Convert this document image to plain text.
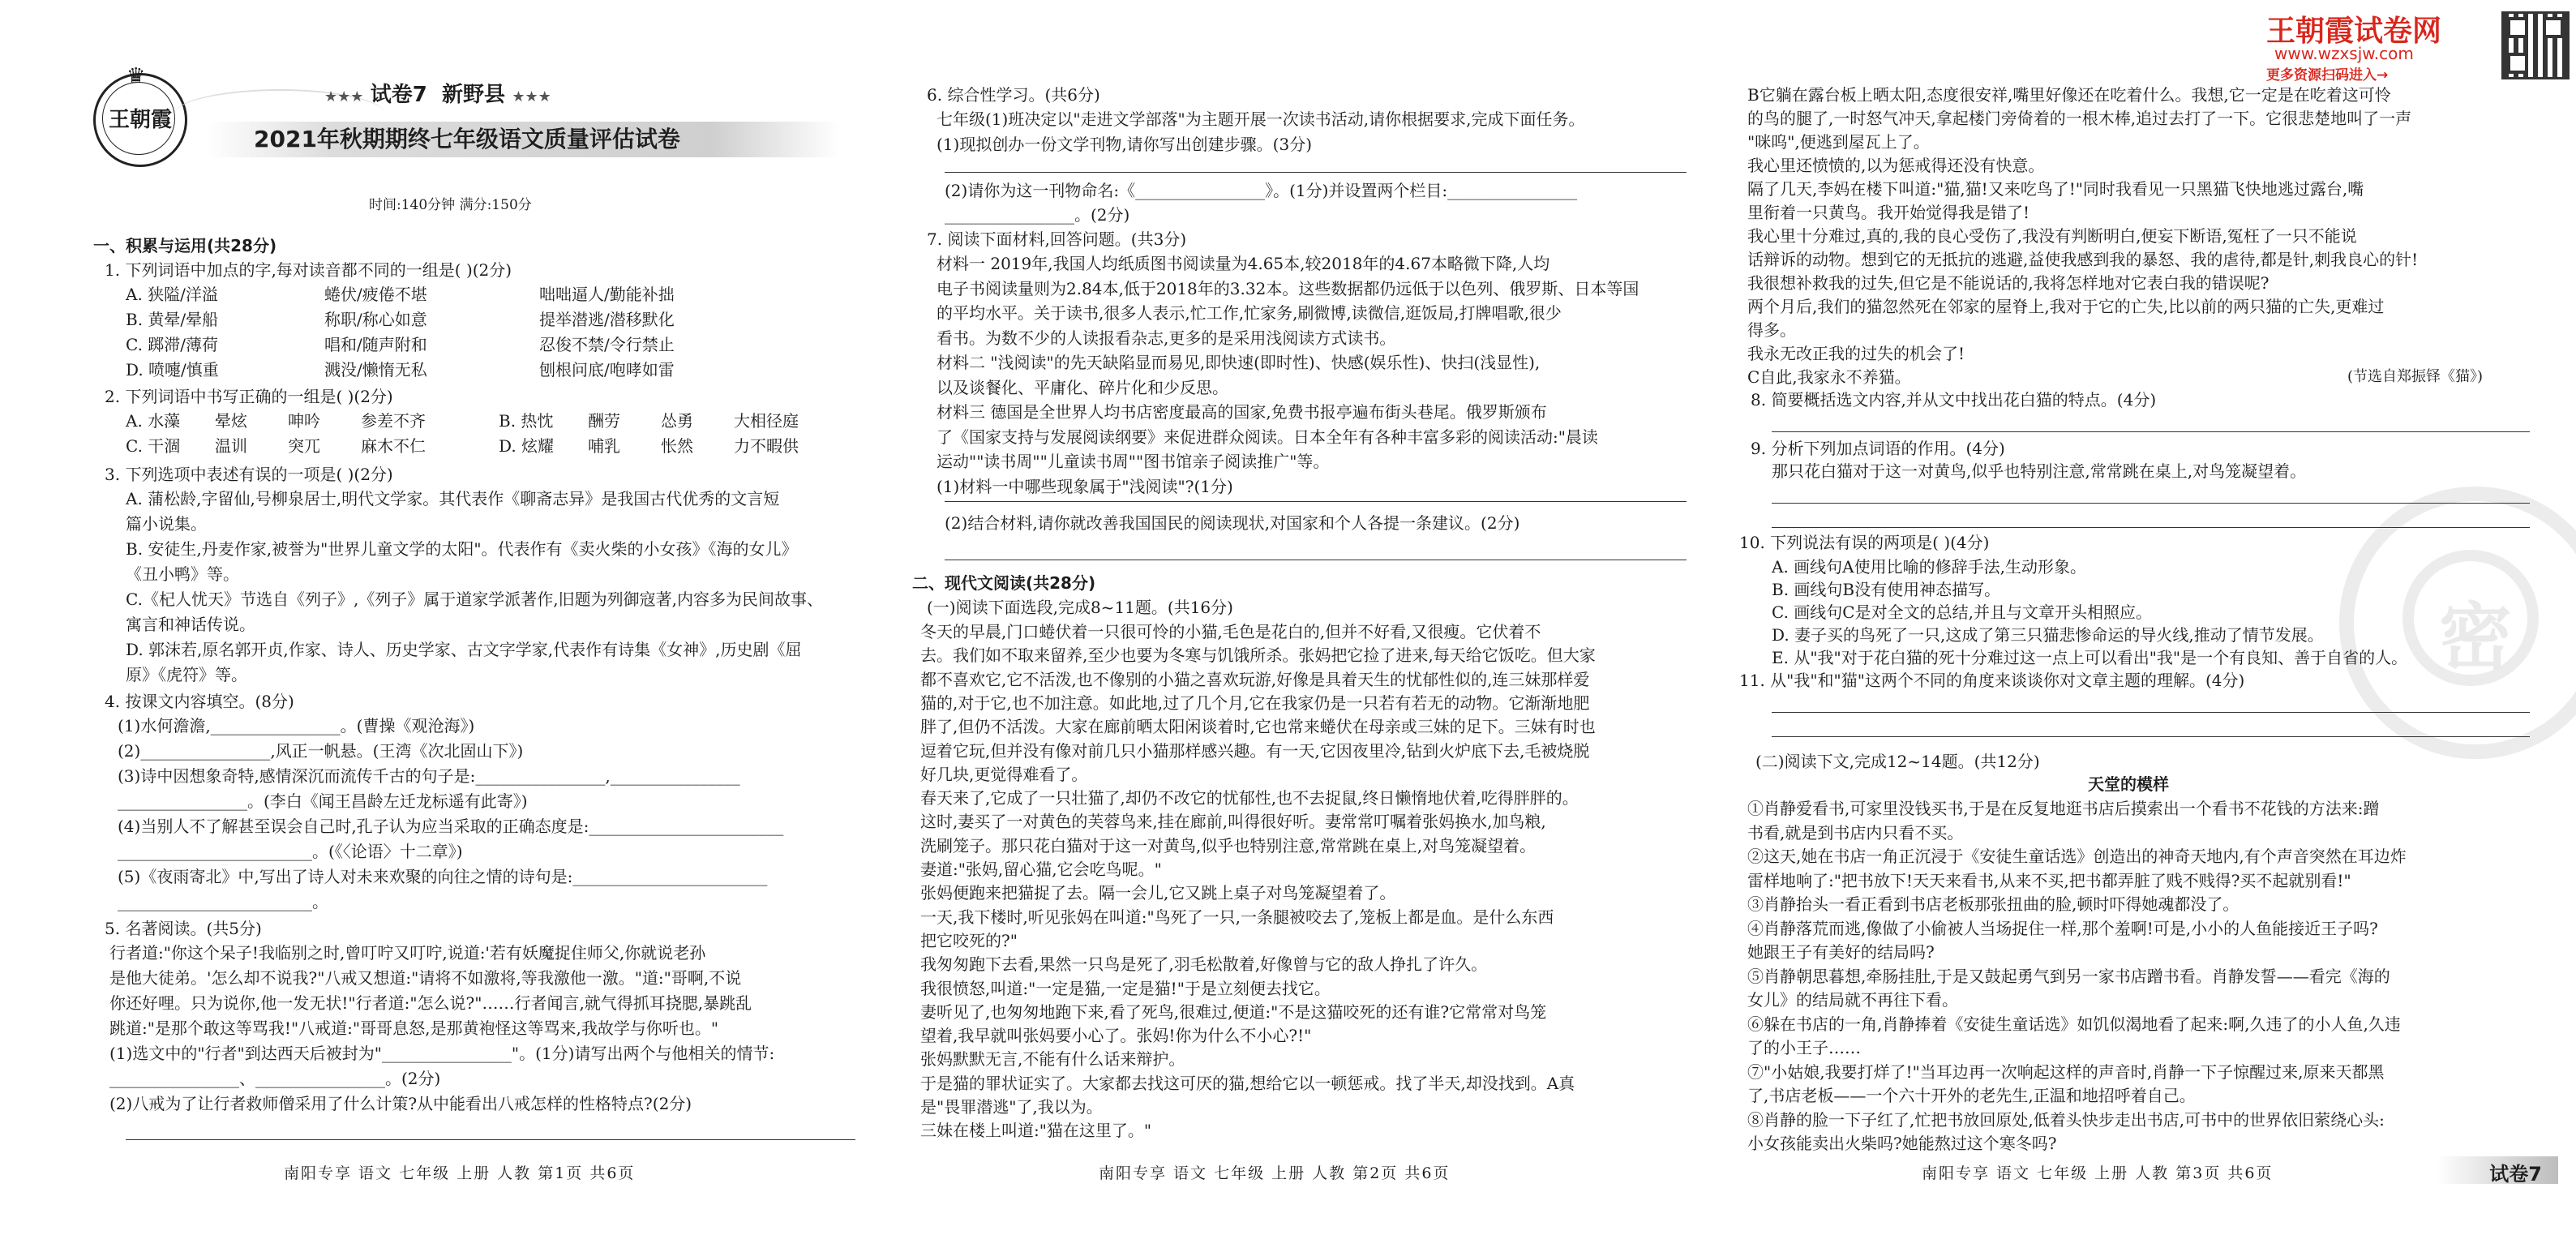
王朝霞
♛
★★★ 试卷7 新野县 ★★★
2021年秋期期终七年级语文质量评估试卷
时间:140分钟 满分:150分
一、积累与运用(共28分)
1. 下列词语中加点的字,每对读音都不同的一组是( )(2分)
A. 狭隘/洋溢	蜷伏/疲倦不堪	咄咄逼人/勤能补拙
B. 黄晕/晕船	称职/称心如意	提举潜逃/潜移默化
C. 踯滞/薄荷	唱和/随声附和	忍俊不禁/令行禁止
D. 喷嚏/慎重	溅没/懒惰无私	刨根问底/咆哮如雷
2. 下列词语中书写正确的一组是( )(2分)
A. 水藻 晕炫	呻吟	参差不齐	B. 热忱 酬劳	怂勇	大相径庭
C. 干涸 温训	突兀	麻木不仁	D. 炫耀 哺乳	怅然	力不暇供
3. 下列选项中表述有误的一项是( )(2分)
A. 蒲松龄,字留仙,号柳泉居士,明代文学家。其代表作《聊斋志异》是我国古代优秀的文言短
篇小说集。
B. 安徒生,丹麦作家,被誉为"世界儿童文学的太阳"。代表作有《卖火柴的小女孩》《海的女儿》
《丑小鸭》等。
C.《杞人忧天》节选自《列子》,《列子》属于道家学派著作,旧题为列御寇著,内容多为民间故事、
寓言和神话传说。
D. 郭沫若,原名郭开贞,作家、诗人、历史学家、古文字学家,代表作有诗集《女神》,历史剧《屈
原》《虎符》等。
4. 按课文内容填空。(8分)
(1)水何澹澹,________________。(曹操《观沧海》)
(2)________________,风正一帆悬。(王湾《次北固山下》)
(3)诗中因想象奇特,感情深沉而流传千古的句子是:________________,________________
________________。(李白《闻王昌龄左迁龙标遥有此寄》)
(4)当别人不了解甚至误会自己时,孔子认为应当采取的正确态度是:________________________
________________________。(《〈论语〉十二章》)
(5)《夜雨寄北》中,写出了诗人对未来欢聚的向往之情的诗句是:________________________
________________________。
5. 名著阅读。(共5分)
行者道:"你这个呆子!我临别之时,曾叮咛又叮咛,说道:'若有妖魔捉住师父,你就说老孙
是他大徒弟。'怎么却不说我?"八戒又想道:"请将不如激将,等我激他一激。"道:"哥啊,不说
你还好哩。只为说你,他一发无状!"行者道:"怎么说?"……行者闻言,就气得抓耳挠腮,暴跳乱
跳道:"是那个敢这等骂我!"八戒道:"哥哥息怒,是那黄袍怪这等骂来,我故学与你听也。"
(1)选文中的"行者"到达西天后被封为"________________"。(1分)请写出两个与他相关的情节:
________________、________________。(2分)
(2)八戒为了让行者救师僧采用了什么计策?从中能看出八戒怎样的性格特点?(2分)
南阳专享 语文 七年级 上册 人教 第1页 共6页
6. 综合性学习。(共6分)
七年级(1)班决定以"走进文学部落"为主题开展一次读书活动,请你根据要求,完成下面任务。
(1)现拟创办一份文学刊物,请你写出创建步骤。(3分)
(2)请你为这一刊物命名:《________________》。(1分)并设置两个栏目:________________
________________。(2分)
7. 阅读下面材料,回答问题。(共3分)
材料一 2019年,我国人均纸质图书阅读量为4.65本,较2018年的4.67本略微下降,人均
电子书阅读量则为2.84本,低于2018年的3.32本。这些数据都仍远低于以色列、俄罗斯、日本等国
的平均水平。关于读书,很多人表示,忙工作,忙家务,刷微博,读微信,逛饭局,打牌唱歌,很少
看书。为数不少的人读报看杂志,更多的是采用浅阅读方式读书。
材料二 "浅阅读"的先天缺陷显而易见,即快速(即时性)、快感(娱乐性)、快扫(浅显性),
以及谈餐化、平庸化、碎片化和少反思。
材料三 德国是全世界人均书店密度最高的国家,免费书报亭遍布街头巷尾。俄罗斯颁布
了《国家支持与发展阅读纲要》来促进群众阅读。日本全年有各种丰富多彩的阅读活动:"晨读
运动""读书周""儿童读书周""图书馆亲子阅读推广"等。
(1)材料一中哪些现象属于"浅阅读"?(1分)
(2)结合材料,请你就改善我国国民的阅读现状,对国家和个人各提一条建议。(2分)
二、现代文阅读(共28分)
(一)阅读下面选段,完成8~11题。(共16分)
冬天的早晨,门口蜷伏着一只很可怜的小猫,毛色是花白的,但并不好看,又很瘦。它伏着不
去。我们如不取来留养,至少也要为冬寒与饥饿所杀。张妈把它捡了进来,每天给它饭吃。但大家
都不喜欢它,它不活泼,也不像别的小猫之喜欢玩游,好像是具着天生的忧郁性似的,连三妹那样爱
猫的,对于它,也不加注意。如此地,过了几个月,它在我家仍是一只若有若无的动物。它渐渐地肥
胖了,但仍不活泼。大家在廊前晒太阳闲谈着时,它也常来蜷伏在母亲或三妹的足下。三妹有时也
逗着它玩,但并没有像对前几只小猫那样感兴趣。有一天,它因夜里冷,钻到火炉底下去,毛被烧脱
好几块,更觉得难看了。
春天来了,它成了一只壮猫了,却仍不改它的忧郁性,也不去捉鼠,终日懒惰地伏着,吃得胖胖的。
这时,妻买了一对黄色的芙蓉鸟来,挂在廊前,叫得很好听。妻常常叮嘱着张妈换水,加鸟粮,
洗刷笼子。那只花白猫对于这一对黄鸟,似乎也特别注意,常常跳在桌上,对鸟笼凝望着。
妻道:"张妈,留心猫,它会吃鸟呢。"
张妈便跑来把猫捉了去。隔一会儿,它又跳上桌子对鸟笼凝望着了。
一天,我下楼时,听见张妈在叫道:"鸟死了一只,一条腿被咬去了,笼板上都是血。是什么东西
把它咬死的?"
我匆匆跑下去看,果然一只鸟是死了,羽毛松散着,好像曾与它的敌人挣扎了许久。
我很愤怒,叫道:"一定是猫,一定是猫!"于是立刻便去找它。
妻听见了,也匆匆地跑下来,看了死鸟,很难过,便道:"不是这猫咬死的还有谁?它常常对鸟笼
望着,我早就叫张妈要小心了。张妈!你为什么不小心?!"
张妈默默无言,不能有什么话来辩护。
于是猫的罪状证实了。大家都去找这可厌的猫,想给它以一顿惩戒。找了半天,却没找到。A真
是"畏罪潜逃"了,我以为。
三妹在楼上叫道:"猫在这里了。"
南阳专享 语文 七年级 上册 人教 第2页 共6页
王朝霞试卷网
www.wzxsjw.com
更多资源扫码进入→
密
B它躺在露台板上晒太阳,态度很安祥,嘴里好像还在吃着什么。我想,它一定是在吃着这可怜
的鸟的腿了,一时怒气冲天,拿起楼门旁倚着的一根木棒,追过去打了一下。它很悲楚地叫了一声
"咪呜",便逃到屋瓦上了。
我心里还愤愤的,以为惩戒得还没有快意。
隔了几天,李妈在楼下叫道:"猫,猫!又来吃鸟了!"同时我看见一只黑猫飞快地逃过露台,嘴
里衔着一只黄鸟。我开始觉得我是错了!
我心里十分难过,真的,我的良心受伤了,我没有判断明白,便妄下断语,冤枉了一只不能说
话辩诉的动物。想到它的无抵抗的逃避,益使我感到我的暴怒、我的虐待,都是针,刺我良心的针!
我很想补救我的过失,但它是不能说话的,我将怎样地对它表白我的错误呢?
两个月后,我们的猫忽然死在邻家的屋脊上,我对于它的亡失,比以前的两只猫的亡失,更难过
得多。
我永无改正我的过失的机会了!
C自此,我家永不养猫。	(节选自郑振铎《猫》)
8. 简要概括选文内容,并从文中找出花白猫的特点。(4分)
9. 分析下列加点词语的作用。(4分)
那只花白猫对于这一对黄鸟,似乎也特别注意,常常跳在桌上,对鸟笼凝望着。
10. 下列说法有误的两项是( )(4分)
A. 画线句A使用比喻的修辞手法,生动形象。
B. 画线句B没有使用神态描写。
C. 画线句C是对全文的总结,并且与文章开头相照应。
D. 妻子买的鸟死了一只,这成了第三只猫悲惨命运的导火线,推动了情节发展。
E. 从"我"对于花白猫的死十分难过这一点上可以看出"我"是一个有良知、善于自省的人。
11. 从"我"和"猫"这两个不同的角度来谈谈你对文章主题的理解。(4分)
(二)阅读下文,完成12~14题。(共12分)
天堂的模样
①肖静爱看书,可家里没钱买书,于是在反复地逛书店后摸索出一个看书不花钱的方法来:蹭
书看,就是到书店内只看不买。
②这天,她在书店一角正沉浸于《安徒生童话选》创造出的神奇天地内,有个声音突然在耳边炸
雷样地响了:"把书放下!天天来看书,从来不买,把书都弄脏了贱不贱得?买不起就别看!"
③肖静抬头一看正看到书店老板那张扭曲的脸,顿时吓得她魂都没了。
④肖静落荒而逃,像做了小偷被人当场捉住一样,那个羞啊!可是,小小的人鱼能接近王子吗?
她跟王子有美好的结局吗?
⑤肖静朝思暮想,牵肠挂肚,于是又鼓起勇气到另一家书店蹭书看。肖静发誓——看完《海的
女儿》的结局就不再往下看。
⑥躲在书店的一角,肖静捧着《安徒生童话选》如饥似渴地看了起来:啊,久违了的小人鱼,久违
了的小王子……
⑦"小姑娘,我要打烊了!"当耳边再一次响起这样的声音时,肖静一下子惊醒过来,原来天都黑
了,书店老板——一个六十开外的老先生,正温和地招呼着自己。
⑧肖静的脸一下子红了,忙把书放回原处,低着头快步走出书店,可书中的世界依旧萦绕心头:
小女孩能卖出火柴吗?她能熬过这个寒冬吗?
南阳专享 语文 七年级 上册 人教 第3页 共6页	试卷7
